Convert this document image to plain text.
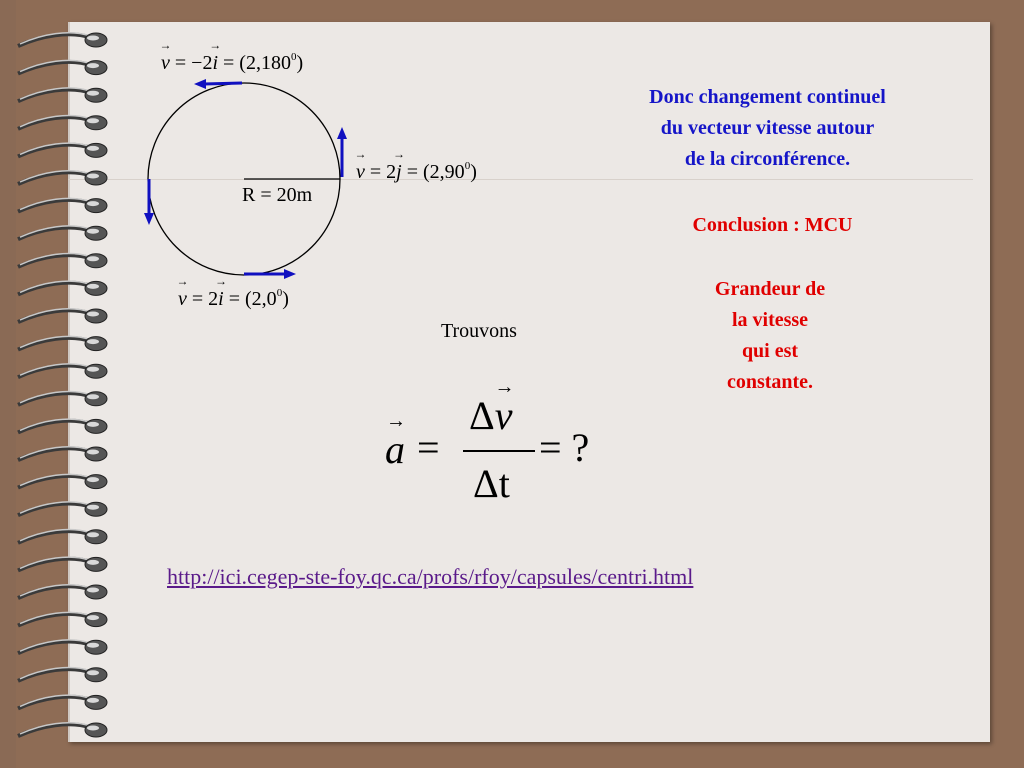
v → = −2i → = $(2,180^0)$
v → = 2j → = $(2,90^0)$
v → = 2i → = $(2,0^0)$
R = 20m
Donc changement continuel
du vecteur vitesse autour
de la circonférence.
Conclusion : MCU
Grandeur de
la vitesse
qui est
constante.
Trouvons
a → =
Δv →
Δt
= ?
http://ici.cegep-ste-foy.qc.ca/profs/rfoy/capsules/centri.html
